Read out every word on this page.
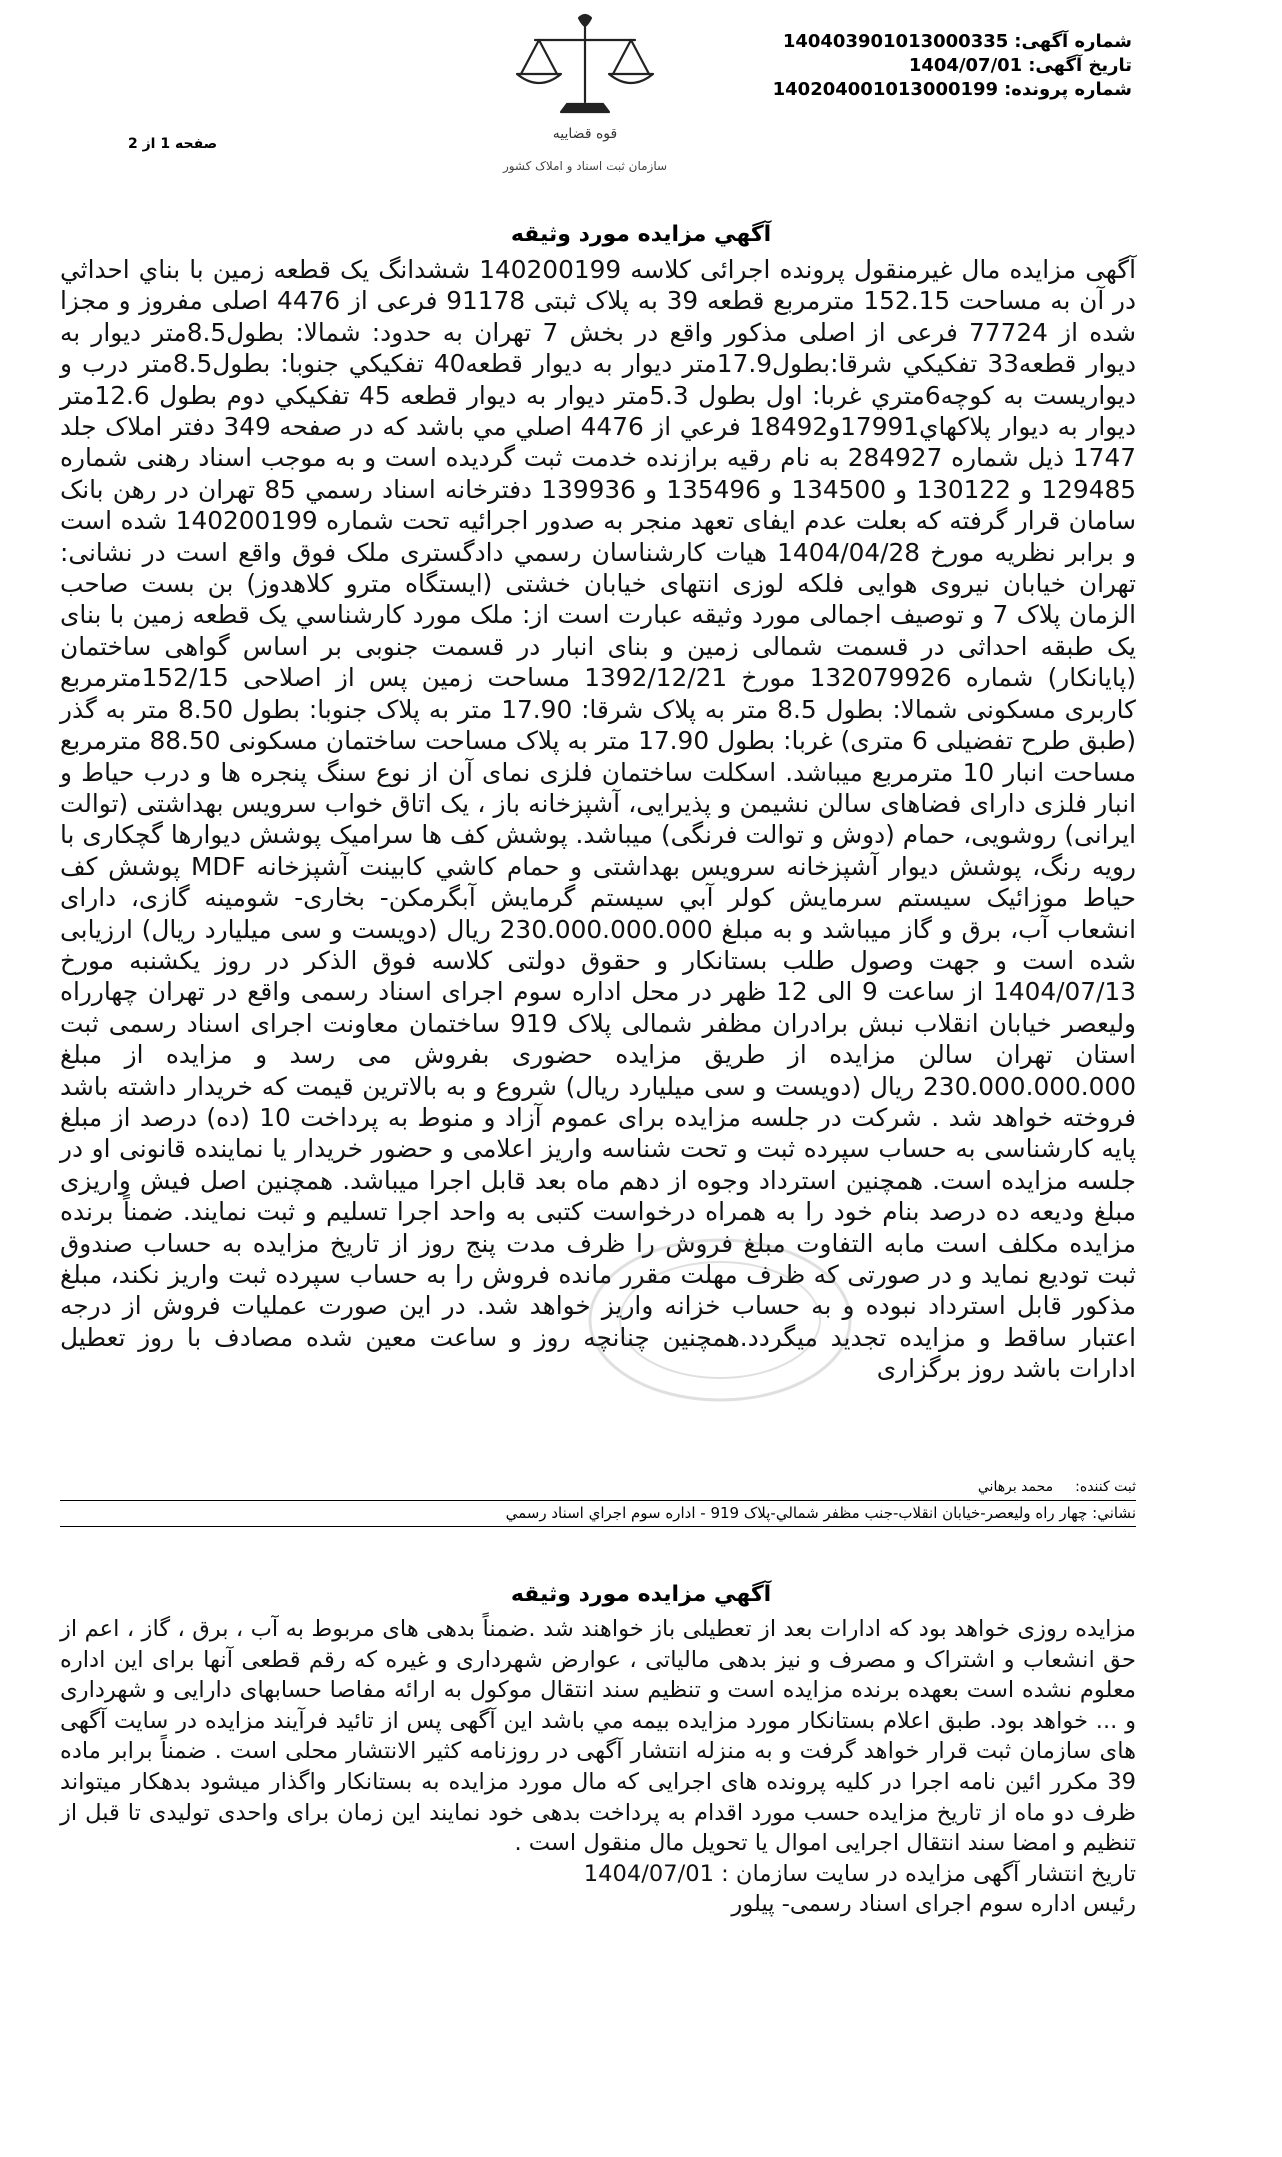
شماره آگهی:140403901013000335
تاریخ آگهی:1404/07/01
شماره پرونده:140204001013000199
قوه قضاییه
سازمان ثبت اسناد و املاک کشور
صفحه 1 از 2
آگهي مزايده مورد وثيقه
آگهی مزایده مال غیرمنقول پرونده اجرائی کلاسه 140200199 ششدانگ یک قطعه زمین با بناي احداثي در آن به مساحت 152.15 مترمربع قطعه 39 به پلاک ثبتی 91178 فرعی از 4476 اصلی مفروز و مجزا شده از 77724 فرعی از اصلی مذکور واقع در بخش 7 تهران به حدود: شمالا: بطول8.5متر ديوار به ديوار قطعه33 تفكيكي شرقا:بطول17.9متر ديوار به ديوار قطعه40 تفكيكي جنوبا: بطول8.5متر درب و ديواريست به كوچه6متري غربا: اول بطول 5.3متر ديوار به ديوار قطعه 45 تفكيكي دوم بطول 12.6متر ديوار به ديوار پلاكهاي17991و18492 فرعي از 4476 اصلي مي باشد كه در صفحه 349 دفتر املاک جلد 1747 ذیل شماره 284927 به نام رقيه برازنده خدمت ثبت گرديده است و به موجب اسناد رهنی شماره 129485 و 130122 و 134500 و 135496 و 139936 دفترخانه اسناد رسمي 85 تهران در رهن بانک سامان قرار گرفته که بعلت عدم ایفای تعهد منجر به صدور اجرائیه تحت شماره 140200199 شده است و برابر نظریه مورخ 1404/04/28 هيات كارشناسان رسمي دادگستری ملک فوق واقع است در نشانی: تهران خيابان نيروی هوايی فلکه لوزی انتهای خيابان خشتی (ایستگاه مترو کلاهدوز) بن بست صاحب الزمان پلاک 7 و توصیف اجمالی مورد وثيقه عبارت است از: ملک مورد کارشناسي یک قطعه زمین با بنای یک طبقه احداثی در قسمت شمالی زمین و بنای انبار در قسمت جنوبی بر اساس گواهی ساختمان (پایانکار) شماره 132079926 مورخ 1392/12/21 مساحت زمین پس از اصلاحی 152/15مترمربع کاربری مسکونی شمالا: بطول 8.5 متر به پلاک شرقا: 17.90 متر به پلاک جنوبا: بطول 8.50 متر به گذر (طبق طرح تفضیلی 6 متری) غربا: بطول 17.90 متر به پلاک مساحت ساختمان مسکونی 88.50 مترمربع مساحت انبار 10 مترمربع میباشد. اسکلت ساختمان فلزی نمای آن از نوع سنگ پنجره ها و درب حیاط و انبار فلزی دارای فضاهای سالن نشیمن و پذیرایی، آشپزخانه باز ، یک اتاق خواب سرویس بهداشتی (توالت ایرانی) روشویی، حمام (دوش و توالت فرنگی) میباشد. پوشش کف ها سرامیک پوشش دیوارها گچکاری با رویه رنگ، پوشش دیوار آشپزخانه سرویس بهداشتی و حمام کاشي کابینت آشپزخانه MDF پوشش کف حیاط موزائیک سیستم سرمایش کولر آبي سیستم گرمایش آبگرمکن- بخاری- شومینه گازی، دارای انشعاب آب، برق و گاز میباشد و به مبلغ 230.000.000.000 ریال (دویست و سی میلیارد ریال) ارزیابی شده است و جهت وصول طلب بستانکار و حقوق دولتی کلاسه فوق الذکر در روز یکشنبه مورخ 1404/07/13 از ساعت 9 الی 12 ظهر در محل اداره سوم اجرای اسناد رسمی واقع در تهران چهارراه ولیعصر خیابان انقلاب نبش برادران مظفر شمالی پلاک 919 ساختمان معاونت اجرای اسناد رسمی ثبت استان تهران سالن مزایده از طریق مزایده حضوری بفروش می رسد و مزایده از مبلغ 230.000.000.000 ریال (دویست و سی میلیارد ریال) شروع و به بالاترین قیمت که خریدار داشته باشد فروخته خواهد شد . شرکت در جلسه مزایده برای عموم آزاد و منوط به پرداخت 10 (ده) درصد از مبلغ پایه کارشناسی به حساب سپرده ثبت و تحت شناسه واریز اعلامی و حضور خریدار یا نماینده قانونی او در جلسه مزایده است. همچنین استرداد وجوه از دهم ماه بعد قابل اجرا میباشد. همچنین اصل فیش واریزی مبلغ ودیعه ده درصد بنام خود را به همراه درخواست کتبی به واحد اجرا تسلیم و ثبت نمایند. ضمناً برنده مزایده مکلف است مابه التفاوت مبلغ فروش را ظرف مدت پنج روز از تاریخ مزایده به حساب صندوق ثبت تودیع نماید و در صورتی که ظرف مهلت مقرر مانده فروش را به حساب سپرده ثبت واریز نکند، مبلغ مذکور قابل استرداد نبوده و به حساب خزانه واریز خواهد شد. در این صورت عملیات فروش از درجه اعتبار ساقط و مزایده تجدید میگردد.همچنین چنانچه روز و ساعت معین شده مصادف با روز تعطیل ادارات باشد روز برگزاری
ثبت کننده:محمد برهاني
نشاني: چهار راه وليعصر-خيابان انقلاب-جنب مظفر شمالي-پلاک 919 - اداره سوم اجراي اسناد رسمي
آگهي مزايده مورد وثيقه
مزایده روزی خواهد بود که ادارات بعد از تعطیلی باز خواهند شد .ضمناً بدهی های مربوط به آب ، برق ، گاز ، اعم از حق انشعاب و اشتراک و مصرف و نیز بدهی مالیاتی ، عوارض شهرداری و غیره که رقم قطعی آنها برای این اداره معلوم نشده است بعهده برنده مزایده است و تنظیم سند انتقال موکول به ارائه مفاصا حسابهای دارایی و شهرداری و ... خواهد بود. طبق اعلام بستانکار مورد مزایده بیمه مي باشد این آگهی پس از تائید فرآیند مزایده در سایت آگهی های سازمان ثبت قرار خواهد گرفت و به منزله انتشار آگهی در روزنامه کثیر الانتشار محلی است . ضمناً برابر ماده 39 مکرر ائین نامه اجرا در کلیه پرونده های اجرایی که مال مورد مزایده به بستانکار واگذار میشود بدهکار میتواند ظرف دو ماه از تاریخ مزایده حسب مورد اقدام به پرداخت بدهی خود نمایند این زمان برای واحدی تولیدی تا قبل از تنظیم و امضا سند انتقال اجرایی اموال یا تحویل مال منقول است .
تاریخ انتشار آگهی مزایده در سایت سازمان : 1404/07/01
رئیس اداره سوم اجرای اسناد رسمی- پیلور
